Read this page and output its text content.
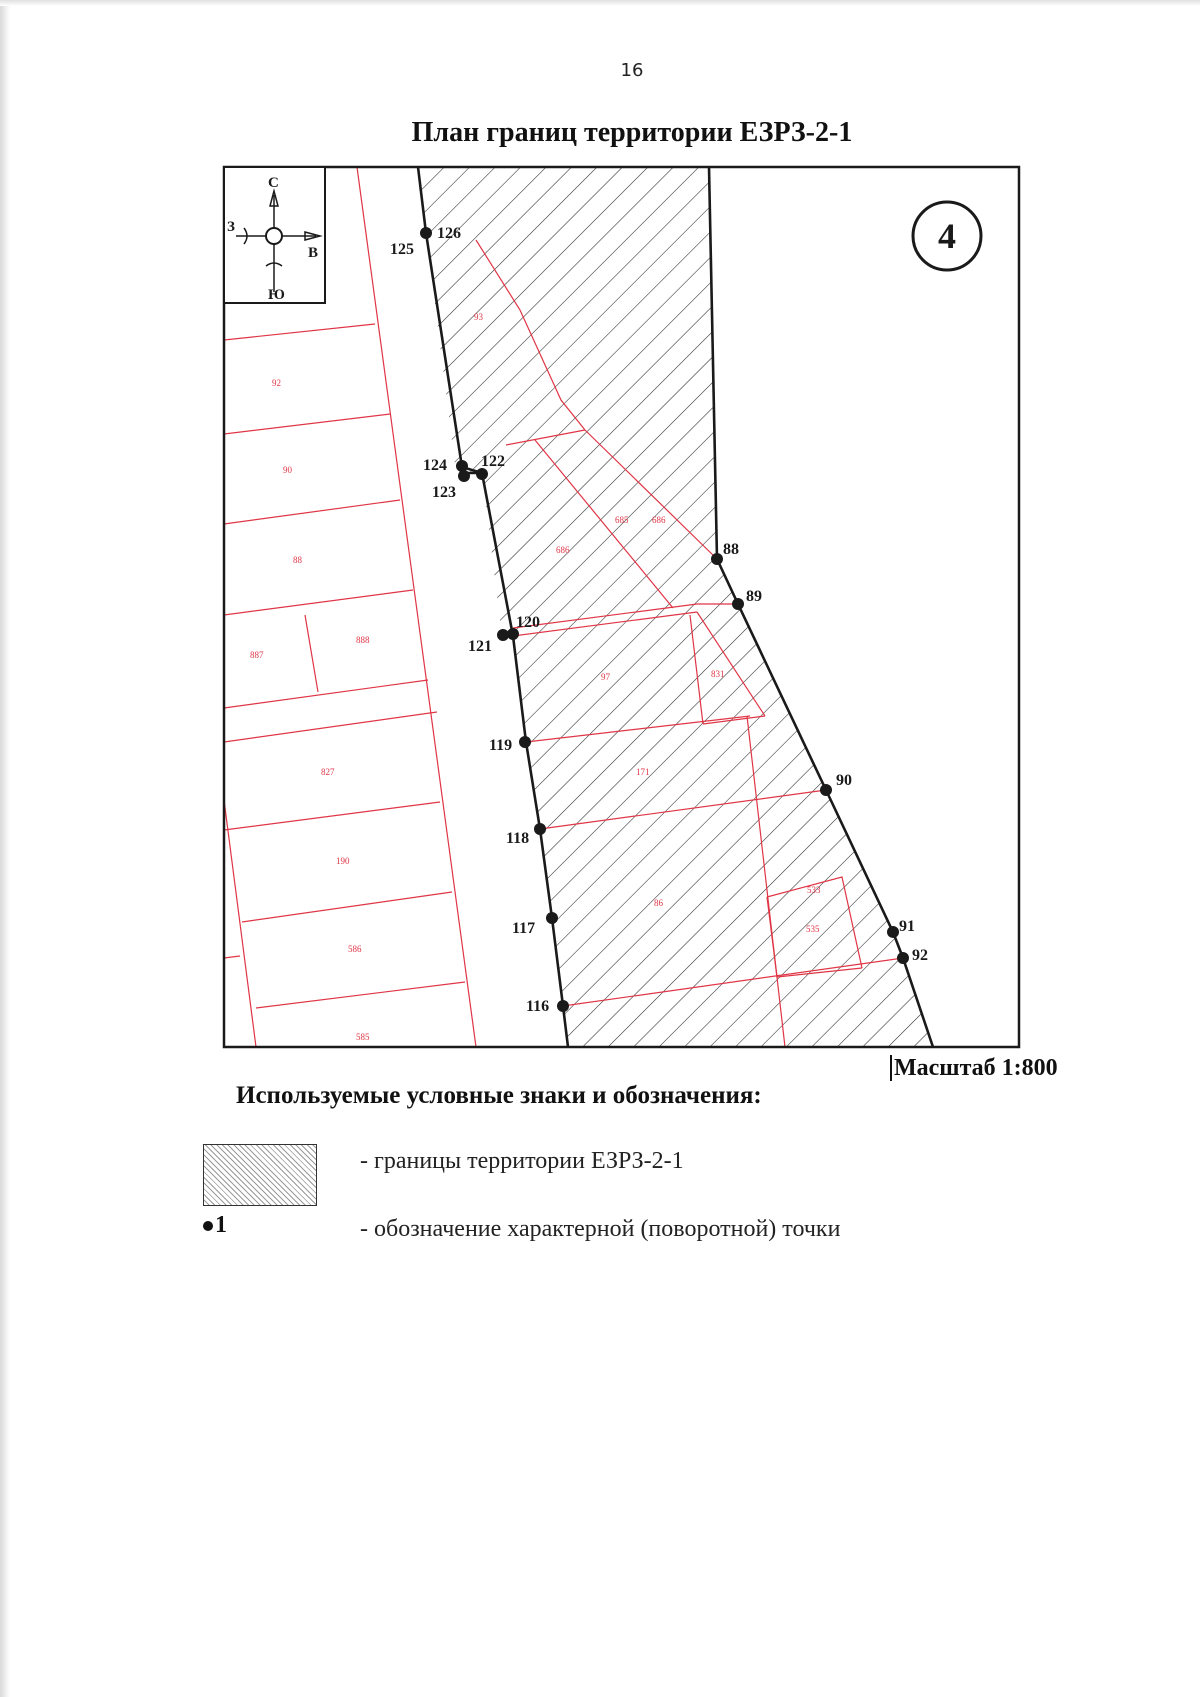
16
План границ территории ЕЗРЗ-2-1
С
З
В
Ю
4
93
92
90
88
887
888
827
190
586
585
686
685	686
97	831
171
86
533
535
126
125
124
123
122
121
120
119
118
117
116
88
89
90
91
92
Масштаб 1:800
Используемые условные знаки и обозначения:
- границы территории ЕЗРЗ-2-1
1	- обозначение характерной (поворотной) точки
